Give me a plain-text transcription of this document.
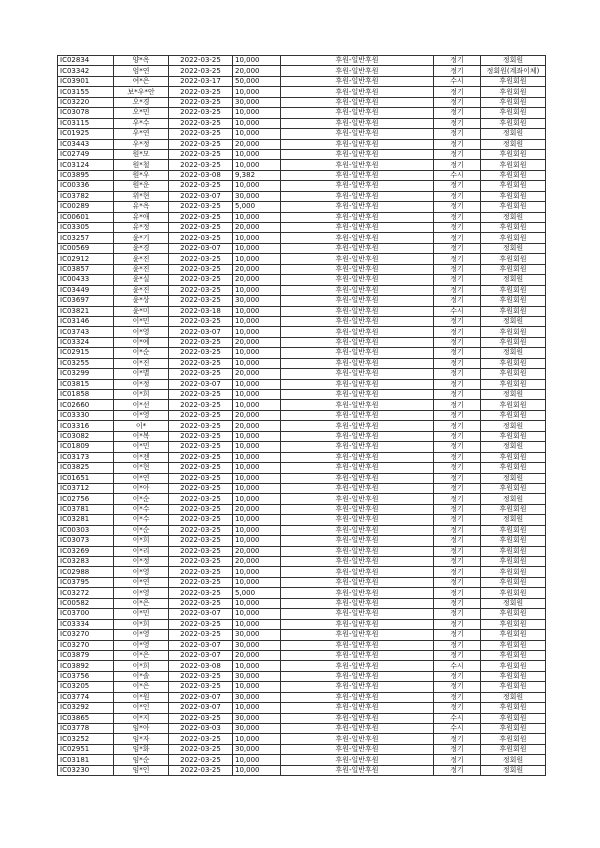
IC02834	양*옥	2022-03-25	10,000	후원-일반후원	정기	정회원
IC03342	엄*연	2022-03-25	20,000	후원-일반후원	정기	정회원(계좌이체)
IC03901	여*은	2022-03-17	50,000	후원-일반후원	수시	후원회원
IC03155	보*우*안	2022-03-25	10,000	후원-일반후원	정기	후원회원
IC03220	오*경	2022-03-25	30,000	후원-일반후원	정기	후원회원
IC03078	오*민	2022-03-25	10,000	후원-일반후원	정기	후원회원
IC03115	우*수	2022-03-25	10,000	후원-일반후원	정기	후원회원
IC01925	우*연	2022-03-25	10,000	후원-일반후원	정기	정회원
IC03443	우*정	2022-03-25	20,000	후원-일반후원	정기	정회원
IC02749	원*모	2022-03-25	10,000	후원-일반후원	정기	후원회원
IC03124	원*철	2022-03-25	10,000	후원-일반후원	정기	후원회원
IC03895	원*우	2022-03-08	9,382	후원-일반후원	수시	후원회원
IC00336	원*운	2022-03-25	10,000	후원-일반후원	정기	후원회원
IC03782	위*현	2022-03-07	30,000	후원-일반후원	정기	후원회원
IC00289	유*옥	2022-03-25	5,000	후원-일반후원	정기	후원회원
IC00601	유*애	2022-03-25	10,000	후원-일반후원	정기	정회원
IC03305	유*정	2022-03-25	20,000	후원-일반후원	정기	후원회원
IC03257	윤*기	2022-03-25	10,000	후원-일반후원	정기	후원회원
IC00569	윤*경	2022-03-07	10,000	후원-일반후원	정기	정회원
IC02912	윤*진	2022-03-25	10,000	후원-일반후원	정기	후원회원
IC03857	윤*진	2022-03-25	20,000	후원-일반후원	정기	후원회원
IC00433	윤*실	2022-03-25	20,000	후원-일반후원	정기	정회원
IC03449	윤*진	2022-03-25	10,000	후원-일반후원	정기	후원회원
IC03697	윤*상	2022-03-25	30,000	후원-일반후원	정기	후원회원
IC03821	윤*미	2022-03-18	10,000	후원-일반후원	수시	후원회원
IC03146	이*민	2022-03-25	10,000	후원-일반후원	정기	정회원
IC03743	이*영	2022-03-07	10,000	후원-일반후원	정기	후원회원
IC03324	이*예	2022-03-25	20,000	후원-일반후원	정기	후원회원
IC02915	이*순	2022-03-25	10,000	후원-일반후원	정기	정회원
IC03255	이*진	2022-03-25	10,000	후원-일반후원	정기	후원회원
IC03299	이*별	2022-03-25	20,000	후원-일반후원	정기	후원회원
IC03815	이*정	2022-03-07	10,000	후원-일반후원	정기	후원회원
IC01858	이*희	2022-03-25	10,000	후원-일반후원	정기	정회원
IC02660	이*선	2022-03-25	10,000	후원-일반후원	정기	후원회원
IC03330	이*영	2022-03-25	20,000	후원-일반후원	정기	후원회원
IC03316	이*	2022-03-25	20,000	후원-일반후원	정기	정회원
IC03082	이*복	2022-03-25	10,000	후원-일반후원	정기	후원회원
IC01809	이*민	2022-03-25	10,000	후원-일반후원	정기	정회원
IC03173	이*젠	2022-03-25	10,000	후원-일반후원	정기	후원회원
IC03825	이*현	2022-03-25	10,000	후원-일반후원	정기	후원회원
IC01651	이*연	2022-03-25	10,000	후원-일반후원	정기	정회원
IC03712	이*아	2022-03-25	10,000	후원-일반후원	정기	후원회원
IC02756	이*순	2022-03-25	10,000	후원-일반후원	정기	정회원
IC03781	이*수	2022-03-25	20,000	후원-일반후원	정기	후원회원
IC03281	이*수	2022-03-25	10,000	후원-일반후원	정기	정회원
IC00303	이*순	2022-03-25	10,000	후원-일반후원	정기	후원회원
IC03073	이*희	2022-03-25	10,000	후원-일반후원	정기	후원회원
IC03269	이*리	2022-03-25	20,000	후원-일반후원	정기	후원회원
IC03283	이*정	2022-03-25	20,000	후원-일반후원	정기	후원회원
IC02988	이*영	2022-03-25	10,000	후원-일반후원	정기	후원회원
IC03795	이*연	2022-03-25	10,000	후원-일반후원	정기	후원회원
IC03272	이*영	2022-03-25	5,000	후원-일반후원	정기	후원회원
IC00582	이*은	2022-03-25	10,000	후원-일반후원	정기	정회원
IC03700	이*민	2022-03-07	10,000	후원-일반후원	정기	후원회원
IC03334	이*희	2022-03-25	10,000	후원-일반후원	정기	후원회원
IC03270	이*영	2022-03-25	30,000	후원-일반후원	정기	후원회원
IC03270	이*영	2022-03-07	30,000	후원-일반후원	정기	후원회원
IC03879	이*은	2022-03-07	20,000	후원-일반후원	정기	후원회원
IC03892	이*희	2022-03-08	10,000	후원-일반후원	수시	후원회원
IC03756	이*솔	2022-03-25	30,000	후원-일반후원	정기	후원회원
IC03205	이*은	2022-03-25	10,000	후원-일반후원	정기	후원회원
IC03774	이*원	2022-03-07	30,000	후원-일반후원	정기	정회원
IC03292	이*인	2022-03-07	10,000	후원-일반후원	정기	후원회원
IC03865	이*지	2022-03-25	30,000	후원-일반후원	수시	후원회원
IC03778	임*아	2022-03-03	30,000	후원-일반후원	수시	후원회원
IC03252	임*자	2022-03-25	10,000	후원-일반후원	정기	후원회원
IC02951	임*화	2022-03-25	30,000	후원-일반후원	정기	후원회원
IC03181	임*순	2022-03-25	10,000	후원-일반후원	정기	정회원
IC03230	임*인	2022-03-25	10,000	후원-일반후원	정기	정회원
